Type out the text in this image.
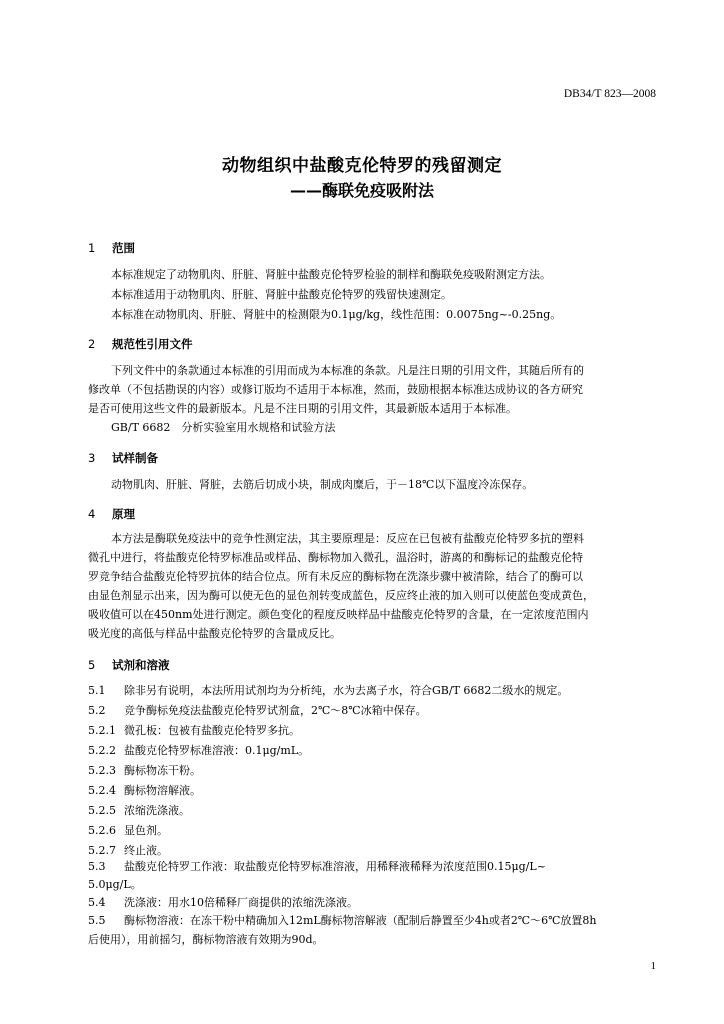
DB34/T 823—2008
动物组织中盐酸克伦特罗的残留测定
——酶联免疫吸附法
1 范围
本标准规定了动物肌肉、肝脏、肾脏中盐酸克伦特罗检验的制样和酶联免疫吸附测定方法。
本标准适用于动物肌肉、肝脏、肾脏中盐酸克伦特罗的残留快速测定。
本标准在动物肌肉、肝脏、肾脏中的检测限为0.1μg/kg，线性范围：0.0075ng~-0.25ng。
2 规范性引用文件
下列文件中的条款通过本标准的引用而成为本标准的条款。凡是注日期的引用文件，其随后所有的
修改单（不包括勘误的内容）或修订版均不适用于本标准，然而，鼓励根据本标准达成协议的各方研究
是否可使用这些文件的最新版本。凡是不注日期的引用文件，其最新版本适用于本标准。
GB/T 6682　分析实验室用水规格和试验方法
3 试样制备
动物肌肉、肝脏、肾脏，去筋后切成小块，制成肉糜后，于－18℃以下温度冷冻保存。
4 原理
本方法是酶联免疫法中的竞争性测定法，其主要原理是：反应在已包被有盐酸克伦特罗多抗的塑料
微孔中进行，将盐酸克伦特罗标准品或样品、酶标物加入微孔，温浴时，游离的和酶标记的盐酸克伦特
罗竞争结合盐酸克伦特罗抗体的结合位点。所有未反应的酶标物在洗涤步骤中被清除，结合了的酶可以
由显色剂显示出来，因为酶可以使无色的显色剂转变成蓝色，反应终止液的加入则可以使蓝色变成黄色，
吸收值可以在450nm处进行测定。颜色变化的程度反映样品中盐酸克伦特罗的含量，在一定浓度范围内
吸光度的高低与样品中盐酸克伦特罗的含量成反比。
5 试剂和溶液
5.1 除非另有说明，本法所用试剂均为分析纯，水为去离子水，符合GB/T 6682二级水的规定。
5.2 竞争酶标免疫法盐酸克伦特罗试剂盒，2℃～8℃冰箱中保存。
5.2.1 微孔板：包被有盐酸克伦特罗多抗。
5.2.2 盐酸克伦特罗标准溶液：0.1μg/mL。
5.2.3 酶标物冻干粉。
5.2.4 酶标物溶解液。
5.2.5 浓缩洗涤液。
5.2.6 显色剂。
5.2.7 终止液。
5.3 盐酸克伦特罗工作液：取盐酸克伦特罗标准溶液，用稀释液稀释为浓度范围0.15μg/L~
5.0μg/L。
5.4 洗涤液：用水10倍稀释厂商提供的浓缩洗涤液。
5.5 酶标物溶液：在冻干粉中精确加入12mL酶标物溶解液（配制后静置至少4h或者2℃～6℃放置8h
后使用），用前摇匀，酶标物溶液有效期为90d。
1
